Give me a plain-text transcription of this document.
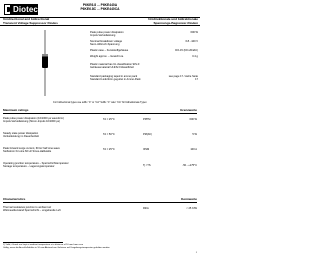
Diotec	P6KE6.8 ... P6KE440A
P6KE6.8C ... P6KE440CA
Unidirectional and bidirectional
Transient Voltage Suppressor Diodes
Unidirektionale und bidirektionale
Spannungs-Begrenzer-Dioden
Peak pulse power dissipation
Impuls-Verlustleistung
600 W
Nominal breakdown voltage
Nenn-Abbruch-Spannung
6.8...440 V
Plastic case – Kunststoffgehäuse	DO-15 (DO-204AC)
Weight approx. – Gewicht ca.	0.4 g
Plastic material has UL classification 94V-0
Gehäusematerial UL94V-0 klassifiziert
Standard packaging taped in ammo pack
Standard Lieferform gegurtet in Ammo-Pack
see page 17 / siehe Seite 17
For bidirectional types use suffix “C” or “CA” Suffix “C” oder “CA” für bidirektionale Typen
Maximum ratings	Grenzwerte
Peak pulse power dissipation (10/1000 µs waveform)
Impuls-Verlustleistung (Strom-Impuls 10/1000 µs)
TA = 25°C	PPPM	600 W
Steady state power dissipation
Verlustleistung im Dauerbetrieb
TA = 50°C	PM(AV)	5 W
Peak forward surge current, 60 Hz half sine-wave
Stoßstrom für eine 60 Hz Sinus-Halbwelle
TA = 25°C	IFSM	100 A
Operating junction temperature – Sperrschichttemperatur
Storage temperature – Lagerungstemperatur	Tj / TS	-50...+175°C
Characteristics	Kennwerte
Thermal resistance junction to ambient air
Wärmewiderstand Sperrschicht – umgebende Luft
RthA	< 25 K/W
1) Valid, if leads are kept at ambient temperature at a distance of 10 mm from case
Gültig, wenn die Anschlußdrähte in 10 mm Abstand von Gehäuse auf Umgebungstemperatur gehalten werden
1
